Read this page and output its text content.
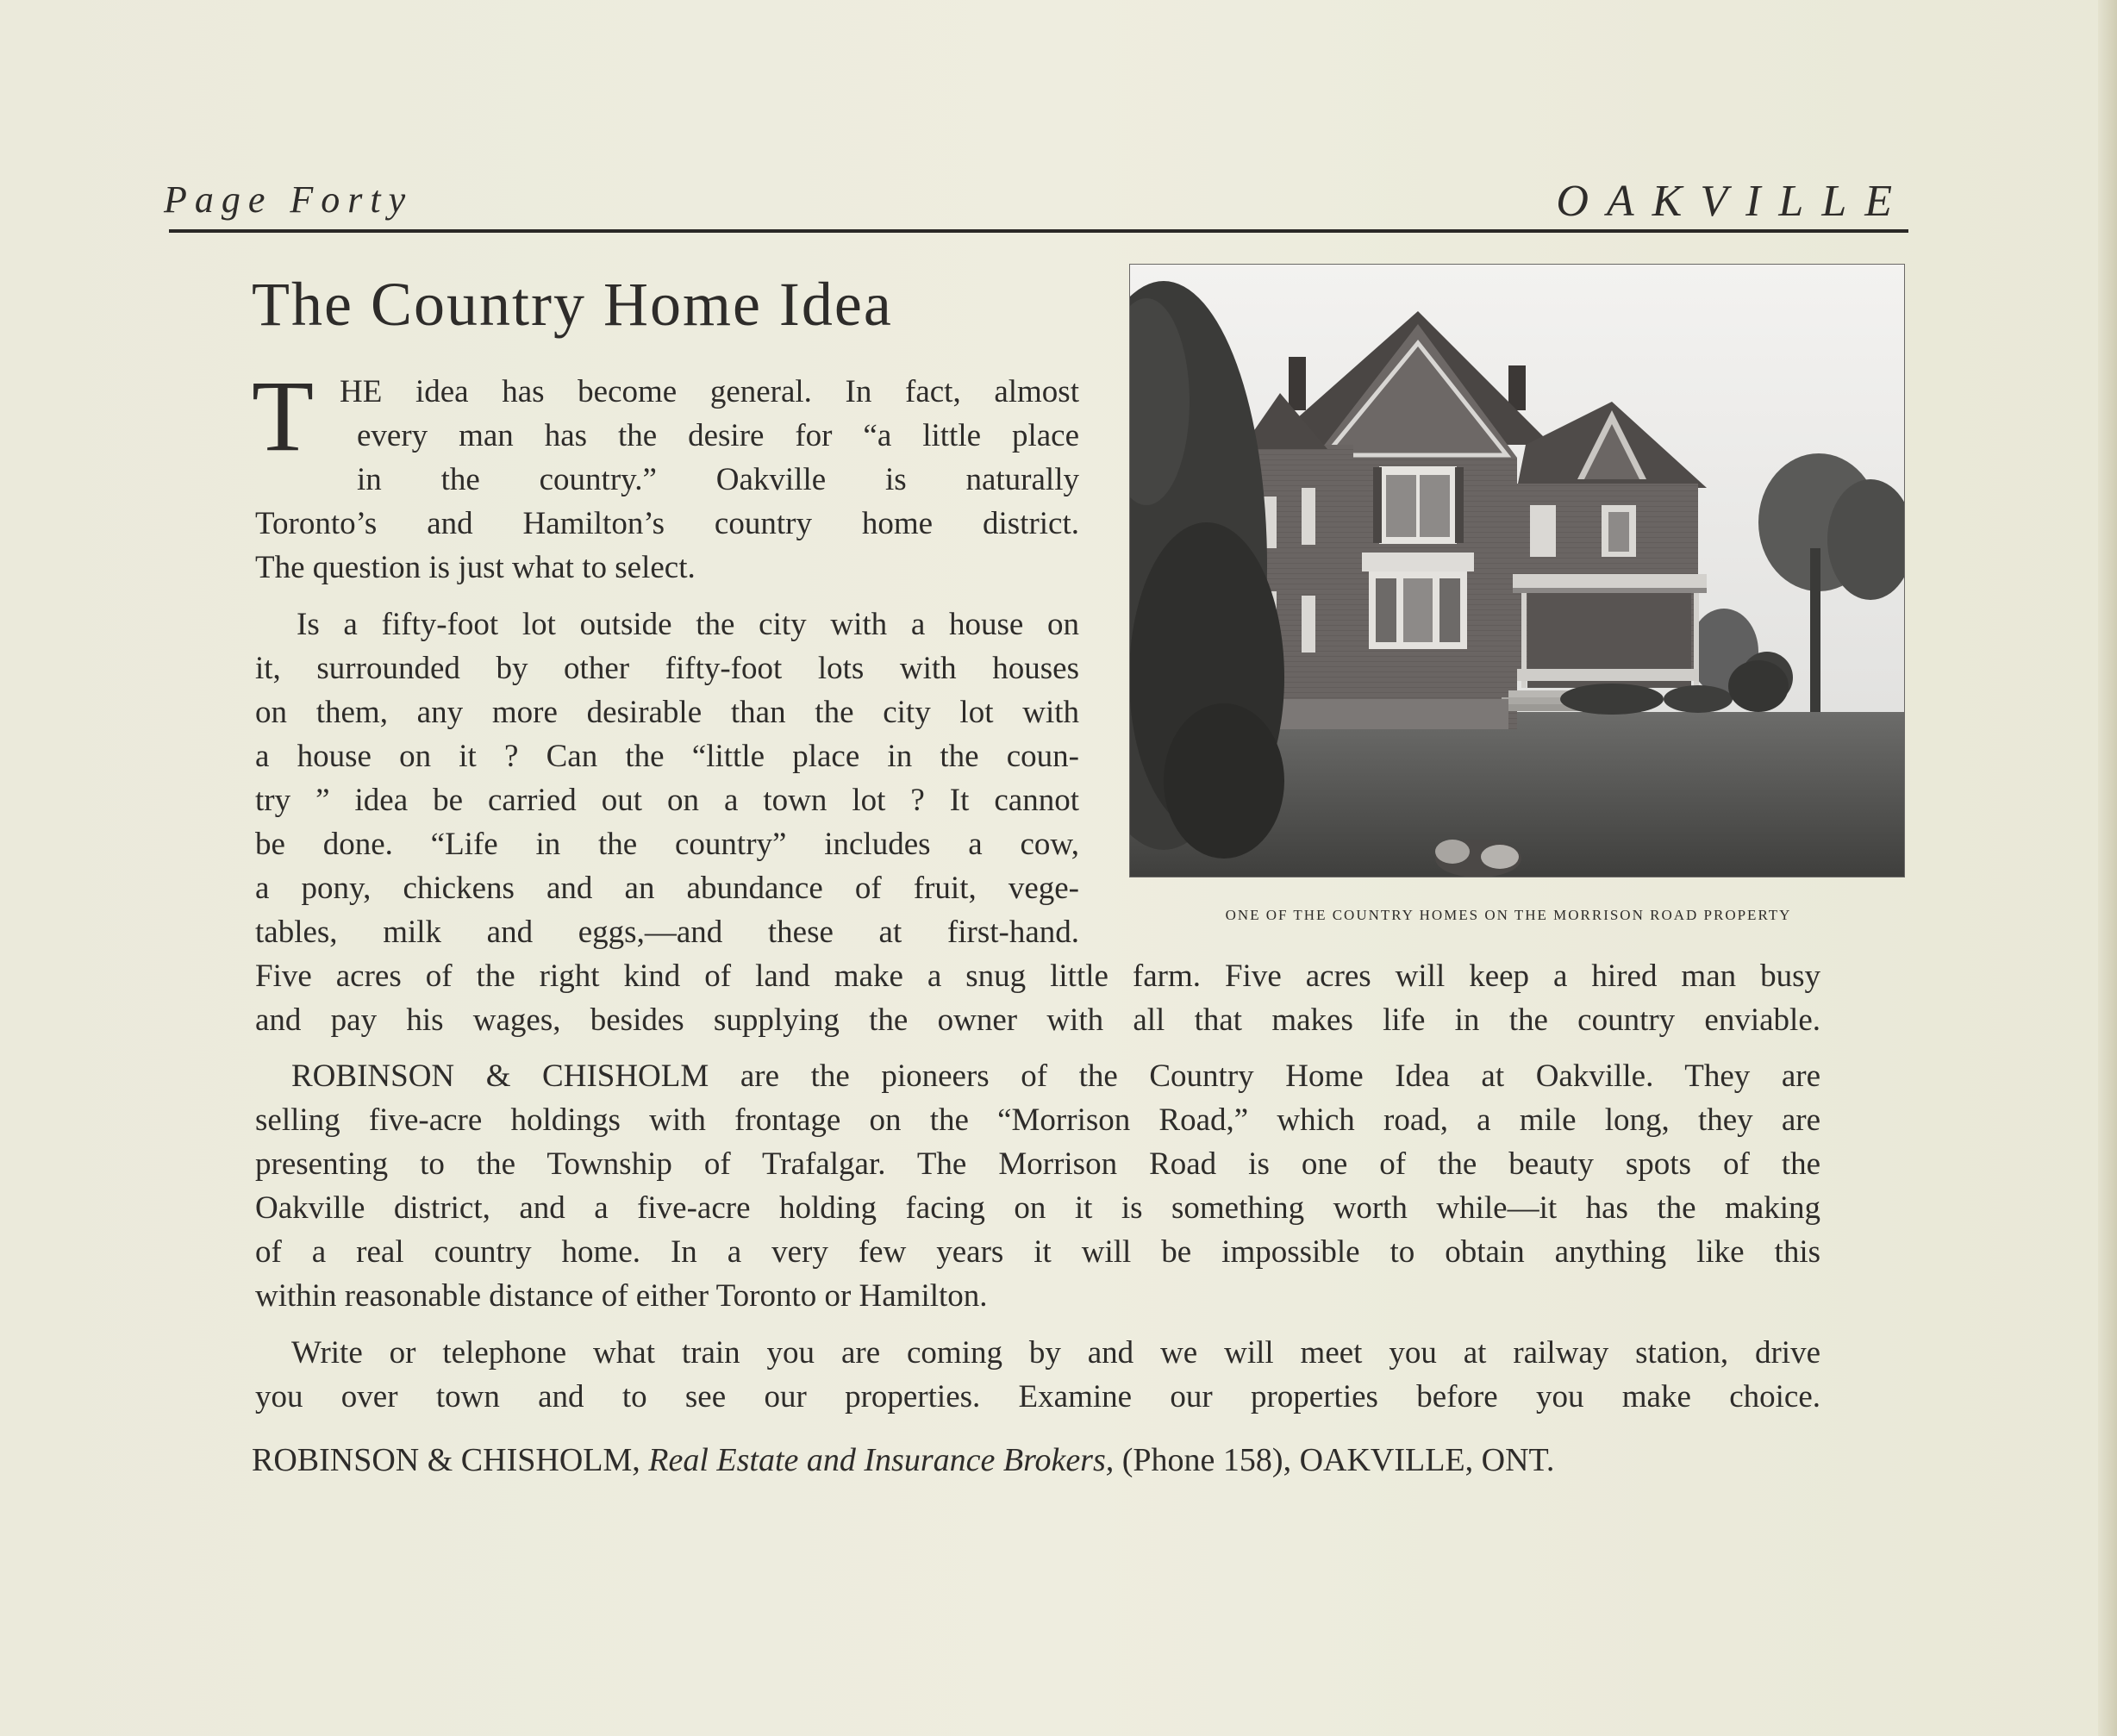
Page Forty	OAKVILLE
The Country Home Idea
T HE idea has become general. In fact, almost
every man has the desire for “a little place
in the country.” Oakville is naturally
Toronto’s and Hamilton’s country home district.
The question is just what to select.
Is a fifty-foot lot outside the city with a house on
it, surrounded by other fifty-foot lots with houses
on them, any more desirable than the city lot with
a house on it ? Can the “little place in the coun-
try ” idea be carried out on a town lot ? It cannot
be done. “Life in the country” includes a cow,
a pony, chickens and an abundance of fruit, vege-
tables, milk and eggs,—and these at first-hand.
Five acres of the right kind of land make a snug little farm. Five acres will keep a hired man busy
and pay his wages, besides supplying the owner with all that makes life in the country enviable.
ROBINSON & CHISHOLM are the pioneers of the Country Home Idea at Oakville. They are
selling five-acre holdings with frontage on the “Morrison Road,” which road, a mile long, they are
presenting to the Township of Trafalgar. The Morrison Road is one of the beauty spots of the
Oakville district, and a five-acre holding facing on it is something worth while—it has the making
of a real country home. In a very few years it will be impossible to obtain anything like this
within reasonable distance of either Toronto or Hamilton.
Write or telephone what train you are coming by and we will meet you at railway station, drive
you over town and to see our properties. Examine our properties before you make choice.
ROBINSON & CHISHOLM, Real Estate and Insurance Brokers, (Phone 158), OAKVILLE, ONT.
ONE OF THE COUNTRY HOMES ON THE MORRISON ROAD PROPERTY
